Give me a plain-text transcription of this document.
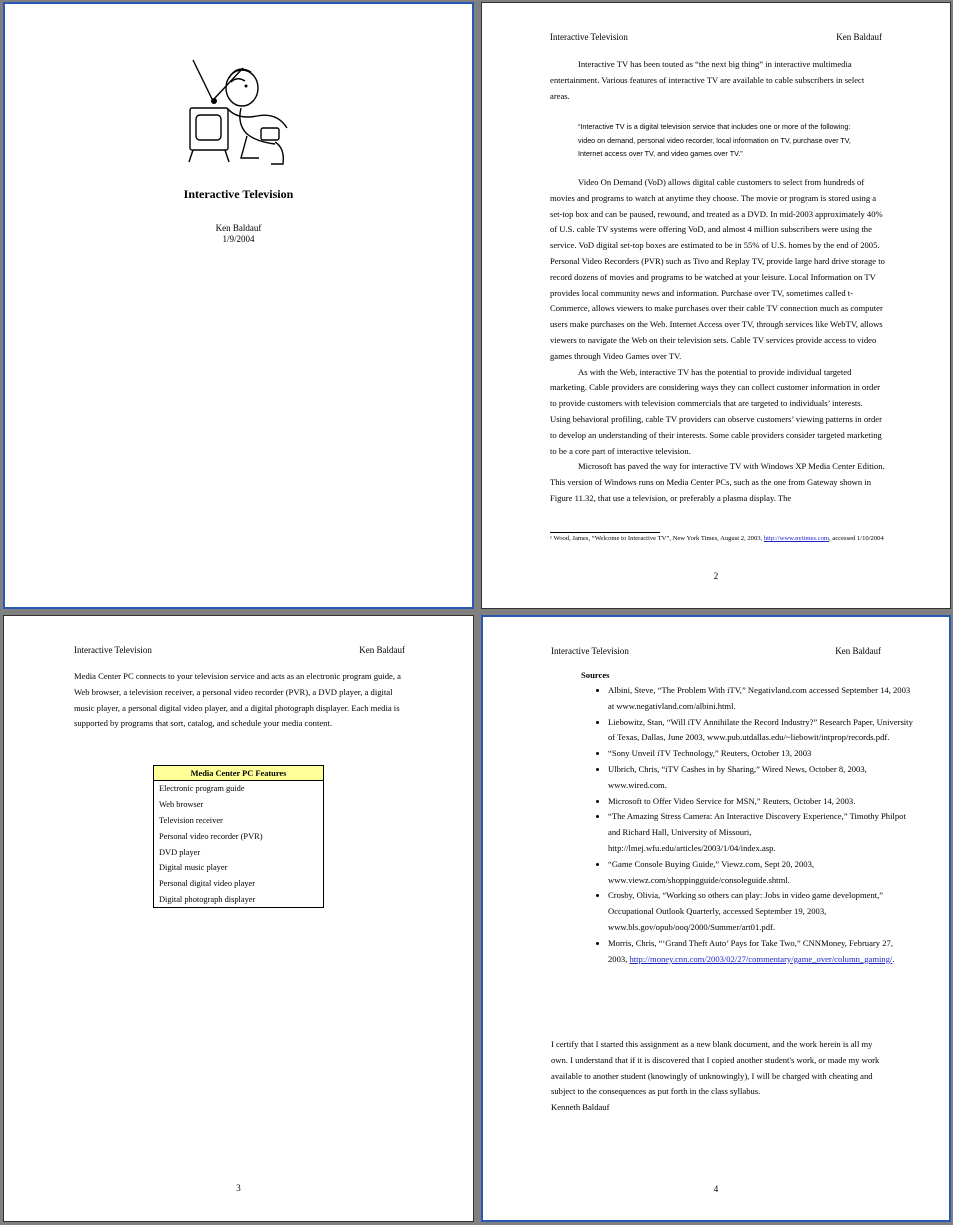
Interactive Television
Ken Baldauf
1/9/2004
Interactive Television	Ken Baldauf

Interactive TV has been touted as “the next big thing” in interactive multimedia entertainment. Various features of interactive TV are available to cable subscribers in select areas.

“Interactive TV is a digital television service that includes one or more of the following: video on demand, personal video recorder, local information on TV, purchase over TV, Internet access over TV, and video games over TV.”

Video On Demand (VoD) allows digital cable customers to select from hundreds of movies and programs to watch at anytime they choose. The movie or program is stored using a set-top box and can be paused, rewound, and treated as a DVD. In mid-2003 approximately 40% of U.S. cable TV systems were offering VoD, and almost 4 million subscribers were using the service. VoD digital set-top boxes are estimated to be in 55% of U.S. homes by the end of 2005. Personal Video Recorders (PVR) such as Tivo and Replay TV, provide large hard drive storage to record dozens of movies and programs to be watched at your leisure. Local Information on TV provides local community news and information. Purchase over TV, sometimes called t-Commerce, allows viewers to make purchases over their cable TV connection much as computer users make purchases on the Web. Internet Access over TV, through services like WebTV, allows viewers to navigate the Web on their television sets. Cable TV services provide access to video games through Video Games over TV.

As with the Web, interactive TV has the potential to provide individual targeted marketing. Cable providers are considering ways they can collect customer information in order to provide customers with television commercials that are targeted to individuals’ interests. Using behavioral profiling, cable TV providers can observe customers’ viewing patterns in order to develop an understanding of their interests. Some cable providers consider targeted marketing to be a core part of interactive television.

Microsoft has paved the way for interactive TV with Windows XP Media Center Edition. This version of Windows runs on Media Center PCs, such as the one from Gateway shown in Figure 11.32, that use a television, or preferably a plasma display. The

¹ Wood, James, “Welcome to Interactive TV”, New York Times, August 2, 2003, http://www.nytimes.com, accessed 1/10/2004
2
Interactive Television	Ken Baldauf

Media Center PC connects to your television service and acts as an electronic program guide, a Web browser, a television receiver, a personal video recorder (PVR), a DVD player, a digital music player, a personal digital video player, and a digital photograph displayer. Each media is supported by programs that sort, catalog, and schedule your media content.

Media Center PC Features
Electronic program guide
Web browser
Television receiver
Personal video recorder (PVR)
DVD player
Digital music player
Personal digital video player
Digital photograph displayer
3
Interactive Television	Ken Baldauf
Sources
• Albini, Steve, “The Problem With iTV,” Negativland.com accessed September 14, 2003 at www.negativland.com/albini.html.
• Liebowitz, Stan, “Will iTV Annihilate the Record Industry?” Research Paper, University of Texas, Dallas, June 2003, www.pub.utdallas.edu/~liebowit/intprop/records.pdf.
• “Sony Unveil iTV Technology,” Reuters, October 13, 2003
• Ulbrich, Chris, “iTV Cashes in by Sharing,” Wired News, October 8, 2003, www.wired.com.
• Microsoft to Offer Video Service for MSN,” Reuters, October 14, 2003.
• “The Amazing Stress Camera: An Interactive Discovery Experience,” Timothy Philpot and Richard Hall, University of Missouri, http://lmej.wfu.edu/articles/2003/1/04/index.asp.
• “Game Console Buying Guide,” Viewz.com, Sept 20, 2003, www.viewz.com/shoppingguide/consoleguide.shtml.
• Crosby, Olivia, “Working so others can play: Jobs in video game development,” Occupational Outlook Quarterly, accessed September 19, 2003, www.bls.gov/opub/ooq/2000/Summer/art01.pdf.
• Morris, Chris, “‘Grand Theft Auto’ Pays for Take Two,” CNNMoney, February 27, 2003, http://money.cnn.com/2003/02/27/commentary/game_over/column_gaming/.
I certify that I started this assignment as a new blank document, and the work herein is all my own. I understand that if it is discovered that I copied another student's work, or made my work available to another student (knowingly of unknowingly), I will be charged with cheating and subject to the consequences as put forth in the class syllabus.
Kenneth Baldauf
4
